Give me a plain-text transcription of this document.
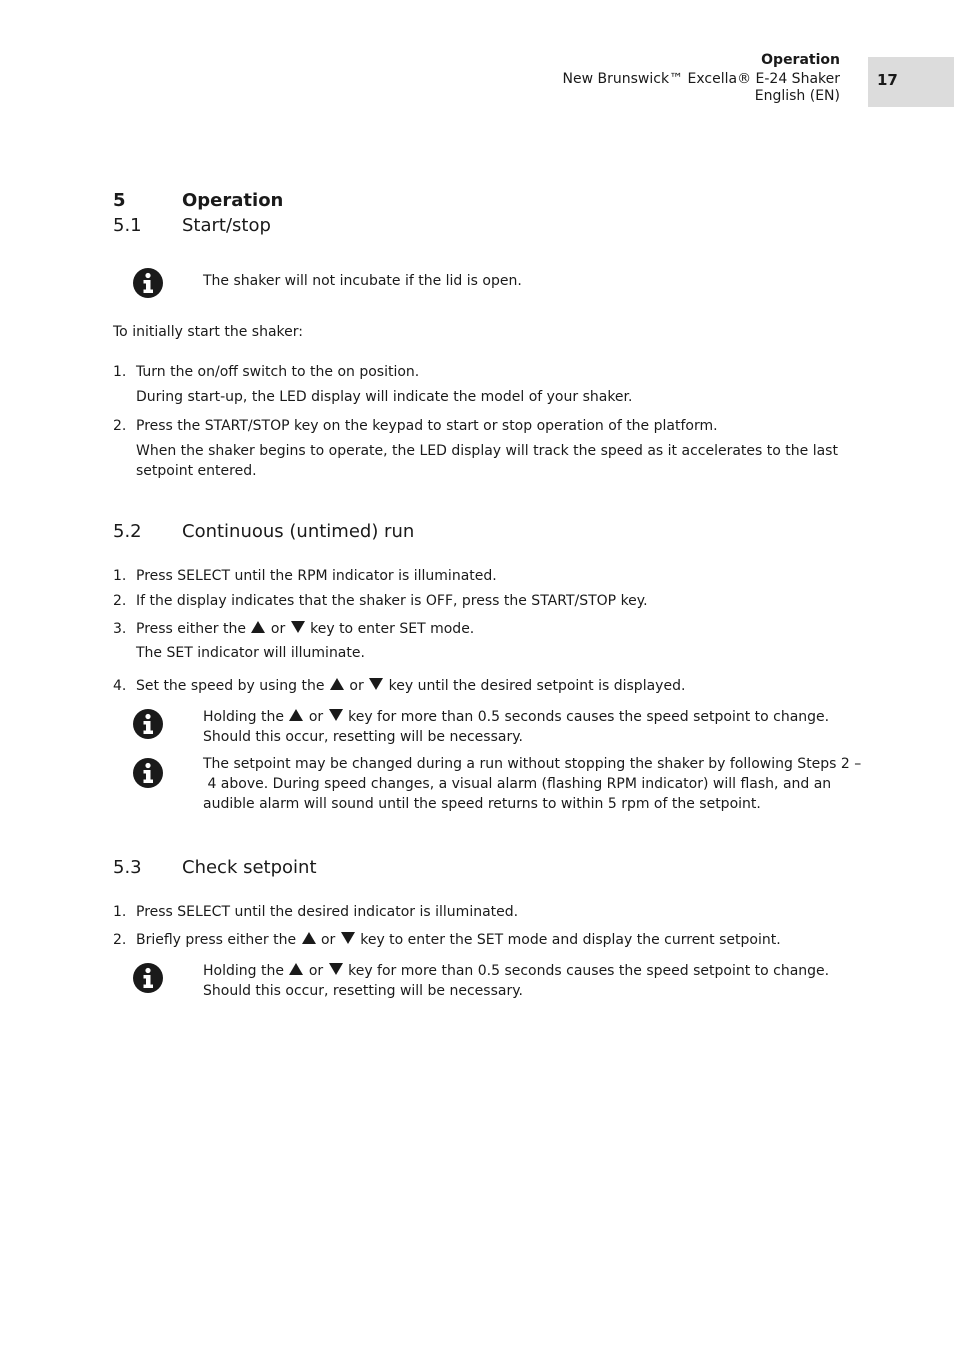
Operation
New Brunswick™ Excella® E-24 Shaker
English (EN)
17
5	Operation
5.1 Start/stop
The shaker will not incubate if the lid is open.
To initially start the shaker:
1. Turn the on/off switch to the on position.
During start-up, the LED display will indicate the model of your shaker.
2. Press the START/STOP key on the keypad to start or stop operation of the platform.
When the shaker begins to operate, the LED display will track the speed as it accelerates to the last
setpoint entered.
5.2 Continuous (untimed) run
1. Press SELECT until the RPM indicator is illuminated.
2. If the display indicates that the shaker is OFF, press the START/STOP key.
3. Press either the or key to enter SET mode.
The SET indicator will illuminate.
4. Set the speed by using the or key until the desired setpoint is displayed.
Holding the or key for more than 0.5 seconds causes the speed setpoint to change.
Should this occur, resetting will be necessary.
The setpoint may be changed during a run without stopping the shaker by following Steps 2 –
4 above. During speed changes, a visual alarm (flashing RPM indicator) will flash, and an
audible alarm will sound until the speed returns to within 5 rpm of the setpoint.
5.3 Check setpoint
1. Press SELECT until the desired indicator is illuminated.
2. Briefly press either the or key to enter the SET mode and display the current setpoint.
Holding the or key for more than 0.5 seconds causes the speed setpoint to change.
Should this occur, resetting will be necessary.
